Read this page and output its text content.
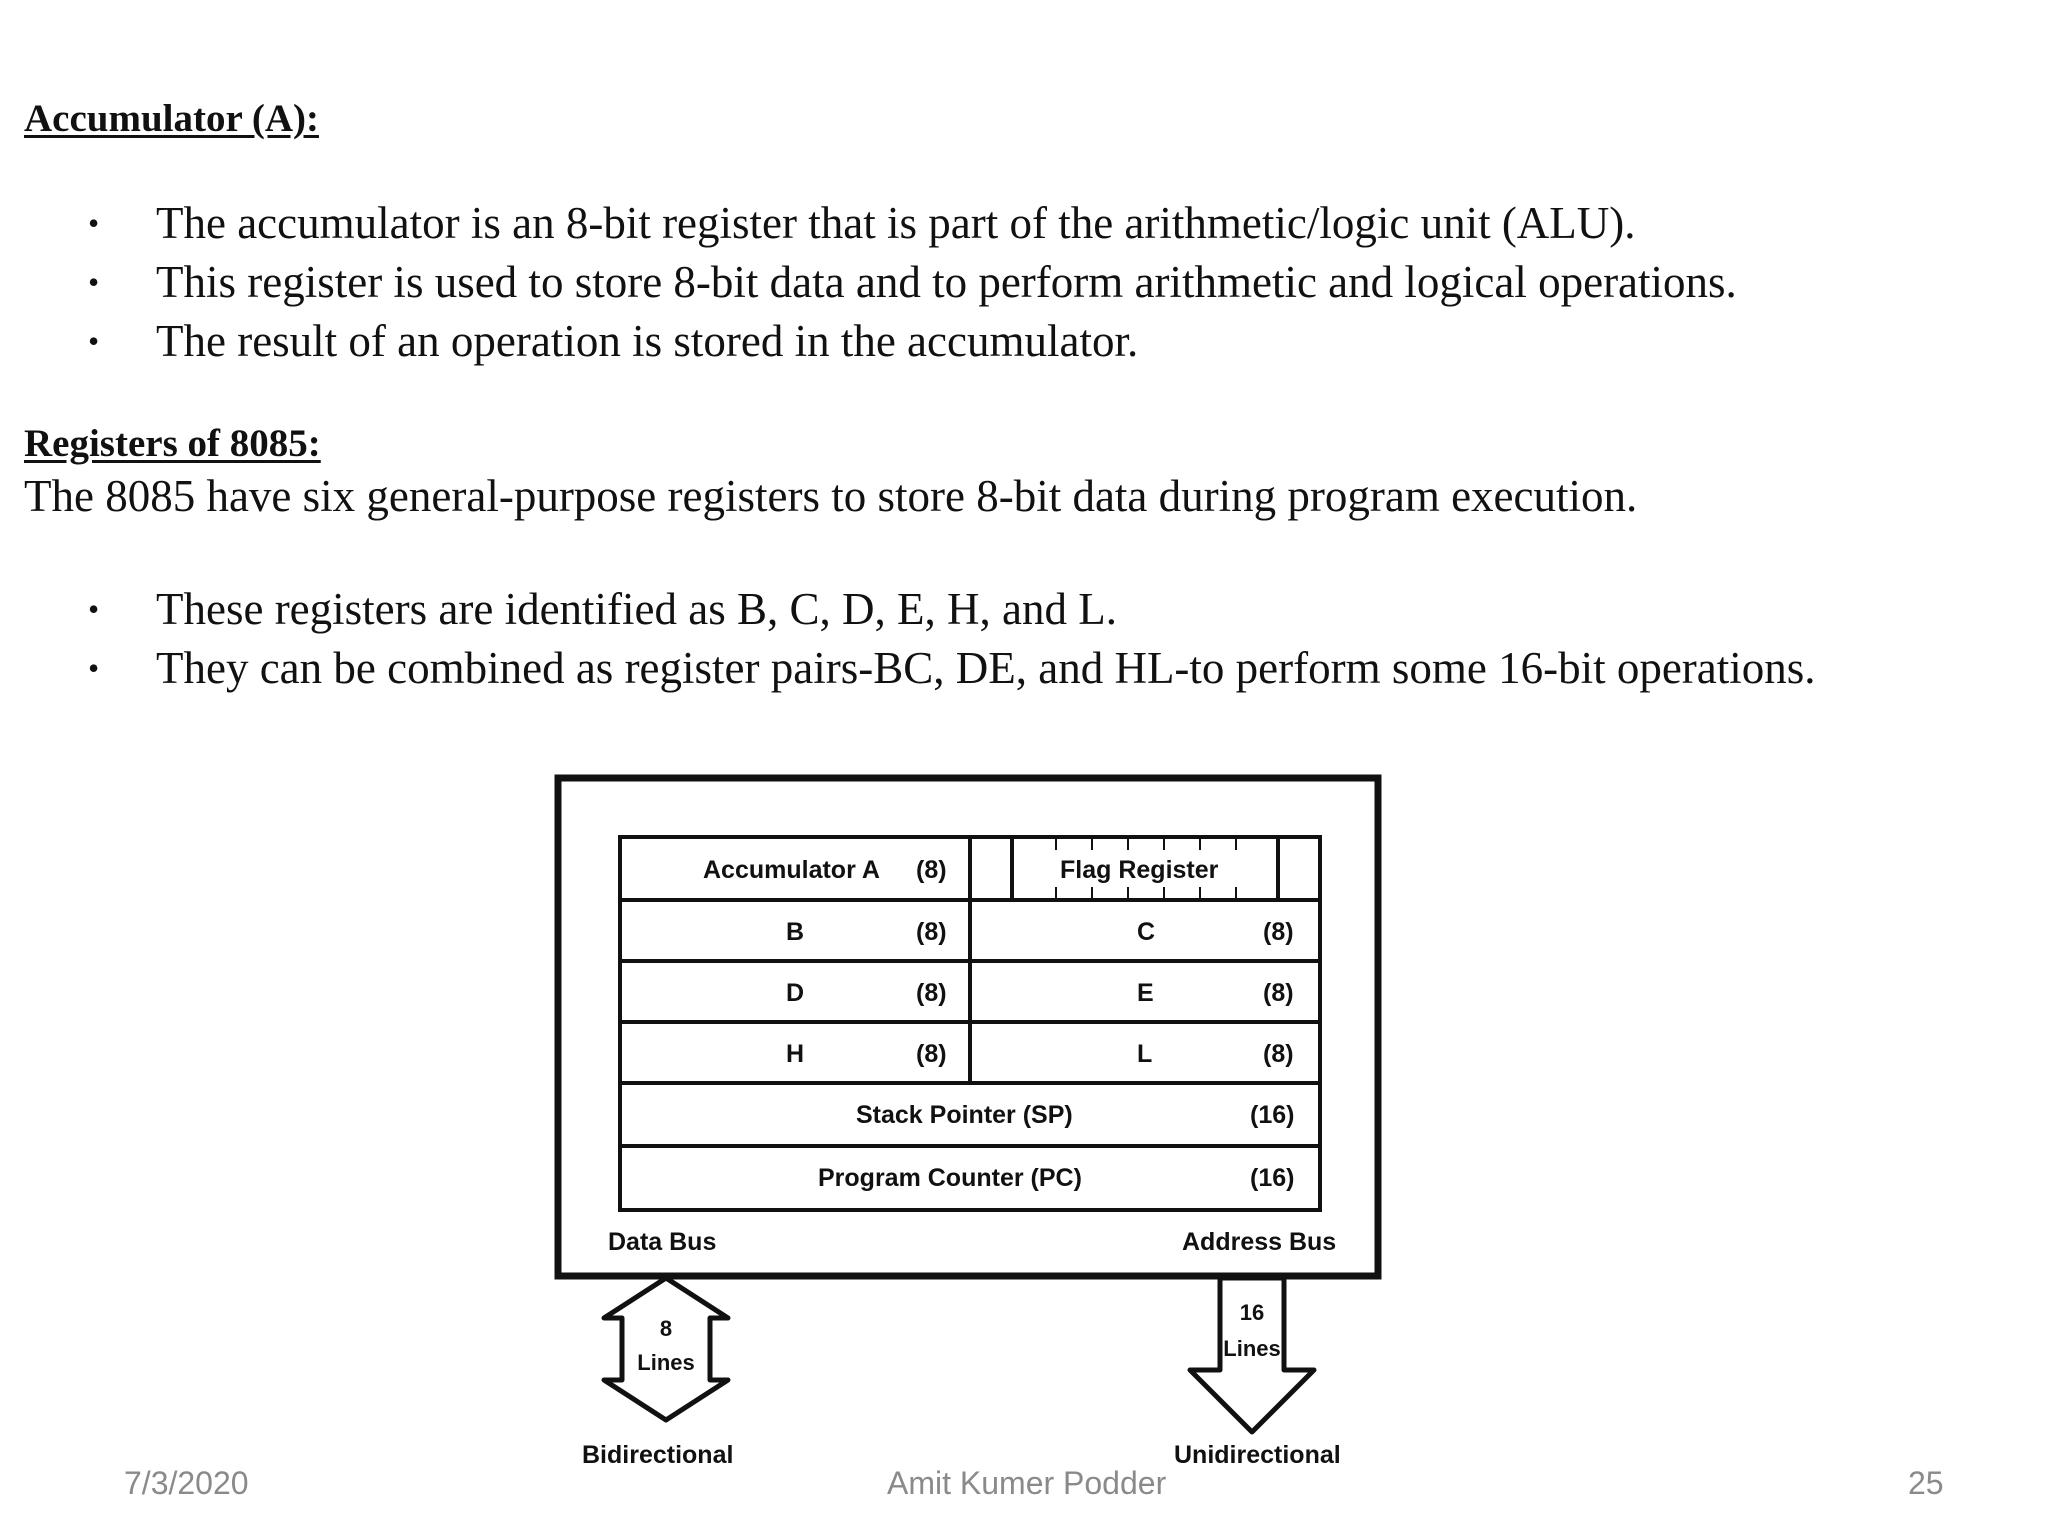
Accumulator (A):
• The accumulator is an 8-bit register that is part of the arithmetic/logic unit (ALU).
• This register is used to store 8-bit data and to perform arithmetic and logical operations.
• The result of an operation is stored in the accumulator.
Registers of 8085:

The 8085 have six general-purpose registers to store 8-bit data during program execution.

• These registers are identified as B, C, D, E, H, and L.
• They can be combined as register pairs-BC, DE, and HL-to perform some 16-bit operations.
Accumulator A (8)	Flag Register
B	(8)	C	(8)
D	(8)	E	(8)
H	(8)	L	(8)
Stack Pointer (SP)	(16)
Program Counter (PC)	(16)
Data Bus	Address Bus
8
Lines
16
Lines
Bidirectional	Unidirectional
7/3/2020	Amit Kumer Podder	25
